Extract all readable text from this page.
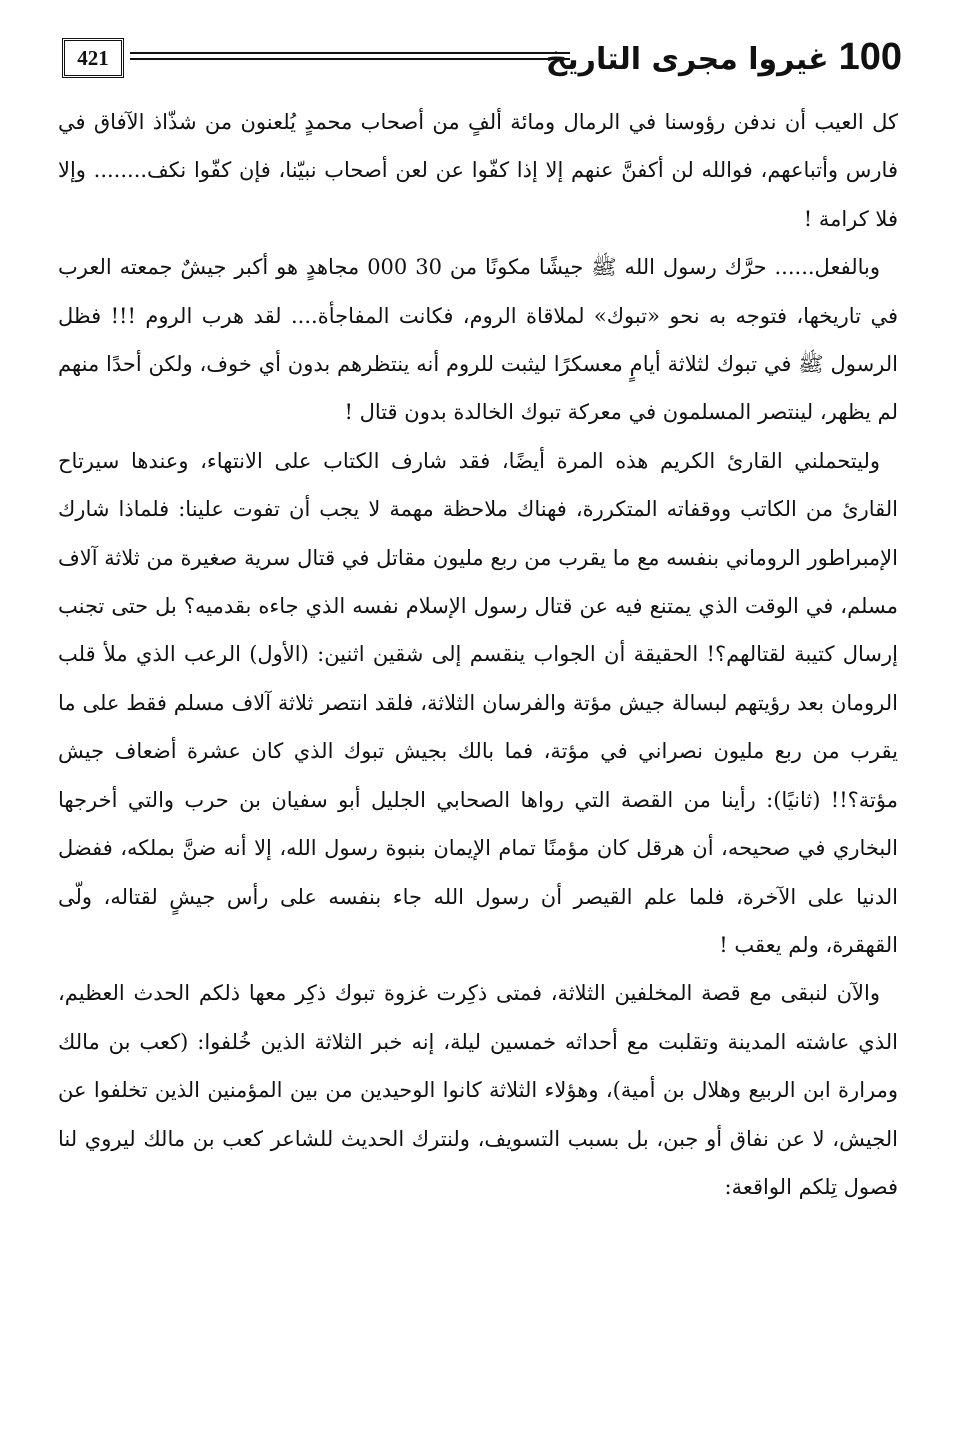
421	100غيروا مجرى التاريخ

كل العيب أن ندفن رؤوسنا في الرمال ومائة ألفٍ من أصحاب محمدٍ يُلعنون من شذّاذ الآفاق في فارس وأتباعهم، فوالله لن أكفنَّ عنهم إلا إذا كفّوا عن لعن أصحاب نبيّنا، فإن كفّوا نكف........ وإلا فلا كرامة !

وبالفعل...... حرَّك رسول الله ﷺ جيشًا مكونًا من 30 000 مجاهدٍ هو أكبر جيشٌ جمعته العرب في تاريخها، فتوجه به نحو «تبوك» لملاقاة الروم، فكانت المفاجأة.... لقد هرب الروم !!! فظل الرسول ﷺ في تبوك لثلاثة أيامٍ معسكرًا ليثبت للروم أنه ينتظرهم بدون أي خوف، ولكن أحدًا منهم لم يظهر، لينتصر المسلمون في معركة تبوك الخالدة بدون قتال !

وليتحملني القارئ الكريم هذه المرة أيضًا، فقد شارف الكتاب على الانتهاء، وعندها سيرتاح القارئ من الكاتب ووقفاته المتكررة، فهناك ملاحظة مهمة لا يجب أن تفوت علينا: فلماذا شارك الإمبراطور الروماني بنفسه مع ما يقرب من ربع مليون مقاتل في قتال سرية صغيرة من ثلاثة آلاف مسلم، في الوقت الذي يمتنع فيه عن قتال رسول الإسلام نفسه الذي جاءه بقدميه؟ بل حتى تجنب إرسال كتيبة لقتالهم؟! الحقيقة أن الجواب ينقسم إلى شقين اثنين: (الأول) الرعب الذي ملأ قلب الرومان بعد رؤيتهم لبسالة جيش مؤتة والفرسان الثلاثة، فلقد انتصر ثلاثة آلاف مسلم فقط على ما يقرب من ربع مليون نصراني في مؤتة، فما بالك بجيش تبوك الذي كان عشرة أضعاف جيش مؤتة؟!! (ثانيًا): رأينا من القصة التي رواها الصحابي الجليل أبو سفيان بن حرب والتي أخرجها البخاري في صحيحه، أن هرقل كان مؤمنًا تمام الإيمان بنبوة رسول الله، إلا أنه ضنَّ بملكه، ففضل الدنيا على الآخرة، فلما علم القيصر أن رسول الله جاء بنفسه على رأس جيشٍ لقتاله، ولّى القهقرة، ولم يعقب !

والآن لنبقى مع قصة المخلفين الثلاثة، فمتى ذكِرت غزوة تبوك ذكِر معها ذلكم الحدث العظيم، الذي عاشته المدينة وتقلبت مع أحداثه خمسين ليلة، إنه خبر الثلاثة الذين خُلفوا: (كعب بن مالك ومرارة ابن الربيع وهلال بن أمية)، وهؤلاء الثلاثة كانوا الوحيدين من بين المؤمنين الذين تخلفوا عن الجيش، لا عن نفاق أو جبن، بل بسبب التسويف، ولنترك الحديث للشاعر كعب بن مالك ليروي لنا فصول تِلكم الواقعة:
